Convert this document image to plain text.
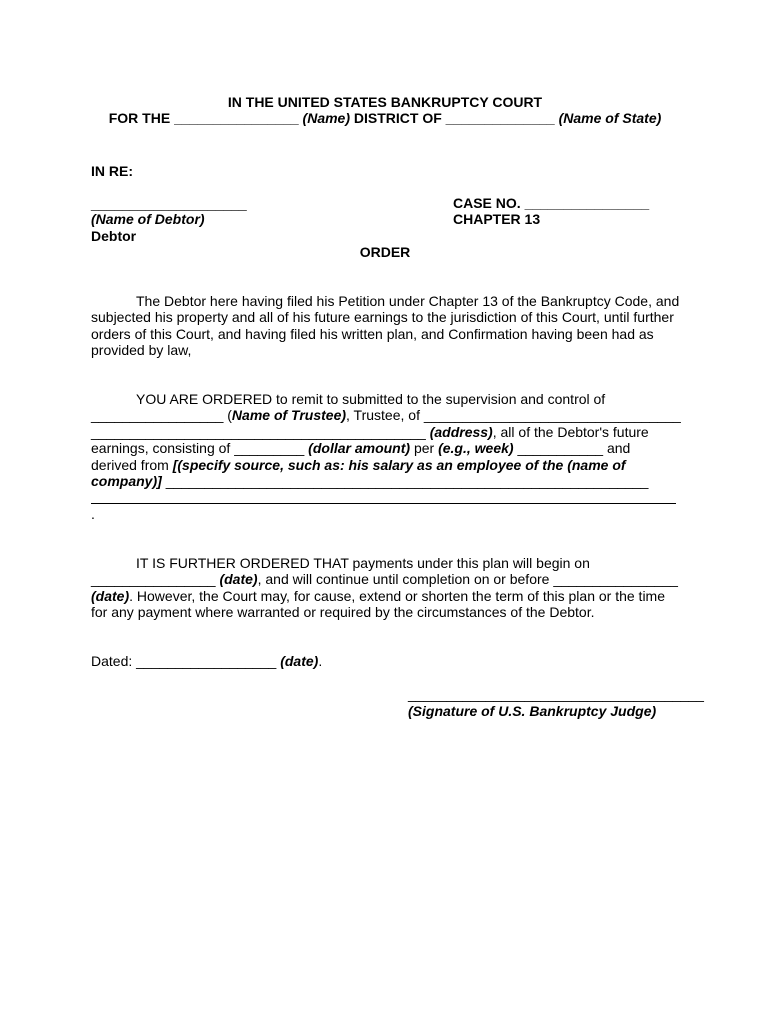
IN THE UNITED STATES BANKRUPTCY COURT
FOR THE ________________ (Name) DISTRICT OF ______________ (Name of State)
IN RE:
____________________
(Name of Debtor)
Debtor
CASE NO. ________________
CHAPTER 13
ORDER
The Debtor here having filed his Petition under Chapter 13 of the Bankruptcy Code, and
subjected his property and all of his future earnings to the jurisdiction of this Court, until further
orders of this Court, and having filed his written plan, and Confirmation having been had as
provided by law,
YOU ARE ORDERED to remit to submitted to the supervision and control of
_________________ (Name of Trustee), Trustee, of _________________________________
___________________________________________ (address), all of the Debtor's future
earnings, consisting of _________ (dollar amount) per (e.g., week) ___________ and
derived from [(specify source, such as: his salary as an employee of the (name of
company)] ______________________________________________________________
.
IT IS FURTHER ORDERED THAT payments under this plan will begin on
________________ (date), and will continue until completion on or before ________________
(date). However, the Court may, for cause, extend or shorten the term of this plan or the time
for any payment where warranted or required by the circumstances of the Debtor.
Dated: __________________ (date).
______________________________________
(Signature of U.S. Bankruptcy Judge)
